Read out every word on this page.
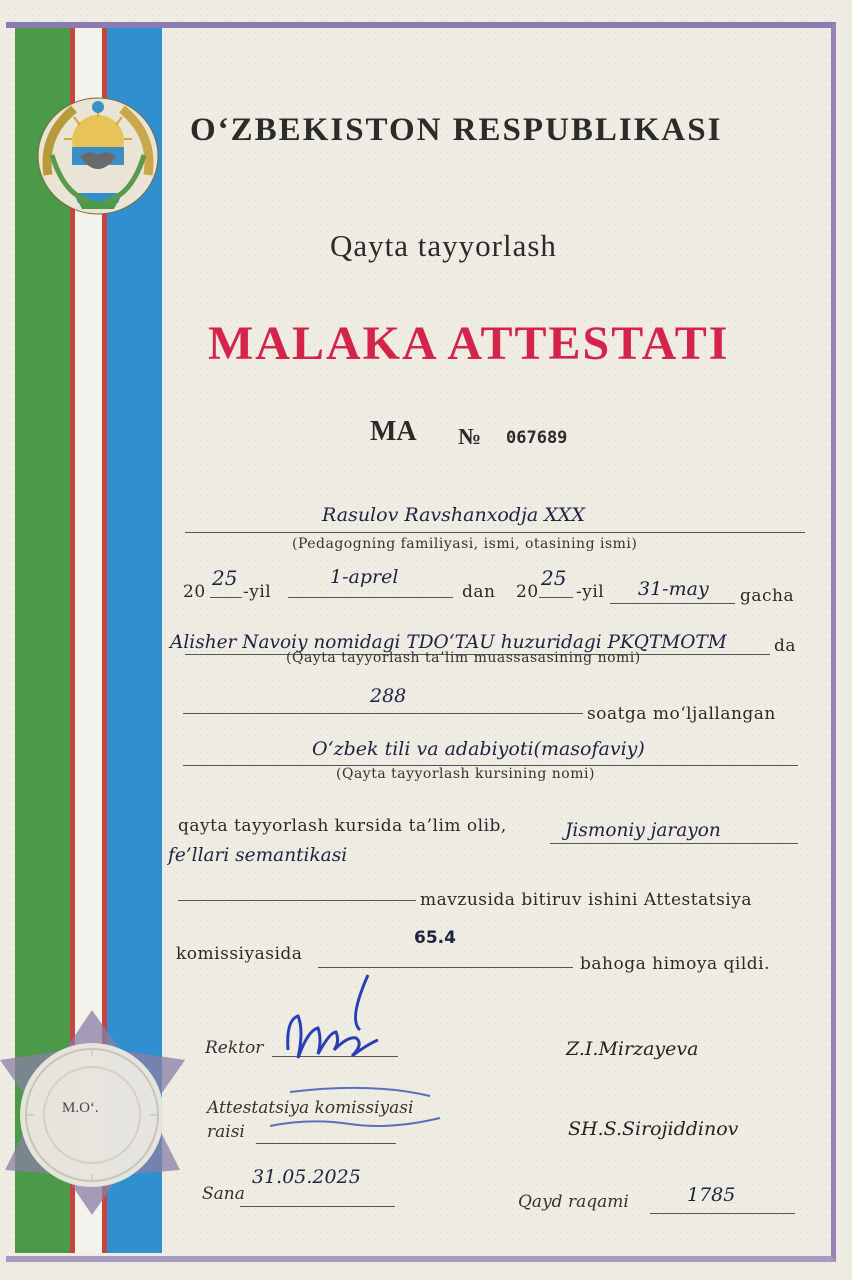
M.O‘.
O‘ZBEKISTON RESPUBLIKASI
Qayta tayyorlash
MALAKA ATTESTATI
MA № 067689
Rasulov Ravshanxodja XXX
(Pedagogning familiyasi, ismi, otasining ismi)
20
25
-yil
1-aprel
dan 20
25
-yil 31-may gacha
Alisher Navoiy nomidagi TDO‘TAU huzuridagi PKQTMOTM	da
(Qayta tayyorlash ta’lim muassasasining nomi)
288
soatga mo‘ljallangan
O‘zbek tili va adabiyoti(masofaviy)
(Qayta tayyorlash kursining nomi)
qayta tayyorlash kursida ta’lim olib,	Jismoniy jarayon
fe’llari semantikasi
mavzusida bitiruv ishini Attestatsiya
komissiyasida
65.4
bahoga himoya qildi.
Rektor	Z.I.Mirzayeva
Attestatsiya komissiyasi
raisi	SH.S.Sirojiddinov
Sana
31.05.2025
Qayd raqami	1785
